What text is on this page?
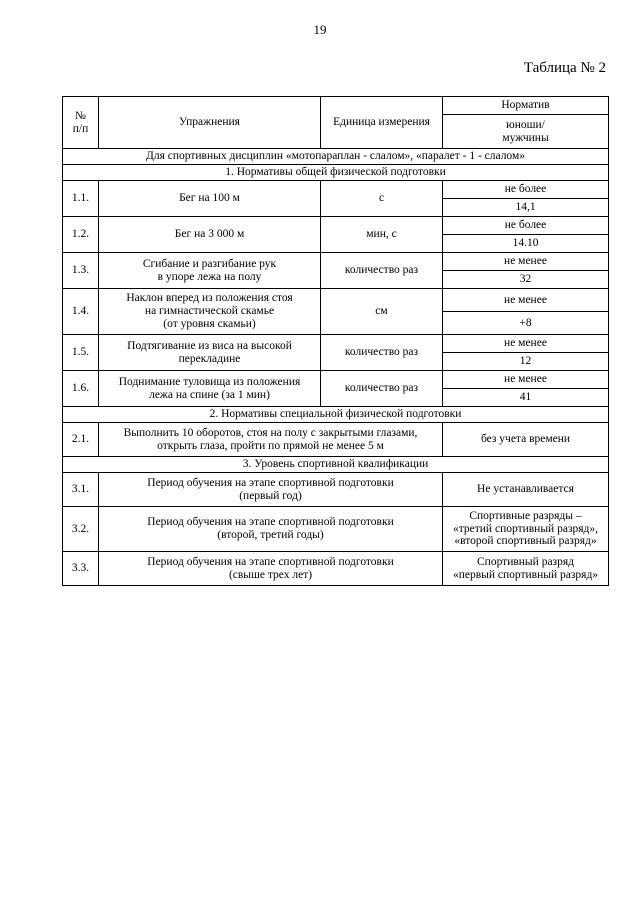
19
Таблица № 2
№
п/п	Упражнения	Единица измерения	Норматив
			юноши/
мужчины
Для спортивных дисциплин «мотопараплан - слалом», «парaлет - 1 - слалом»			
1. Нормативы общей физической подготовки			
1.1.	Бег на 100 м	с	не более
			14,1
1.2.	Бег на 3 000 м	мин, с	не более
			14.10
1.3.	Сгибание и разгибание рук
в упоре лежа на полу	количество раз	не менее
			32
1.4.	Наклон вперед из положения стоя
на гимнастической скамье
(от уровня скамьи)	см	не менее
			+8
1.5.	Подтягивание из виса на высокой
перекладине	количество раз	не менее
			12
1.6.	Поднимание туловища из положения
лежа на спине (за 1 мин)	количество раз	не менее
			41
2. Нормативы специальной физической подготовки			
2.1.	Выполнить 10 оборотов, стоя на полу с закрытыми глазами,
открыть глаза, пройти по прямой не менее 5 м		без учета времени
3. Уровень спортивной квалификации			
3.1.	Период обучения на этапе спортивной подготовки
(первый год)		Не устанавливается
3.2.	Период обучения на этапе спортивной подготовки
(второй, третий годы)		Спортивные разряды –
«третий спортивный разряд»,
«второй спортивный разряд»
3.3.	Период обучения на этапе спортивной подготовки
(свыше трех лет)		Спортивный разряд
«первый спортивный разряд»
